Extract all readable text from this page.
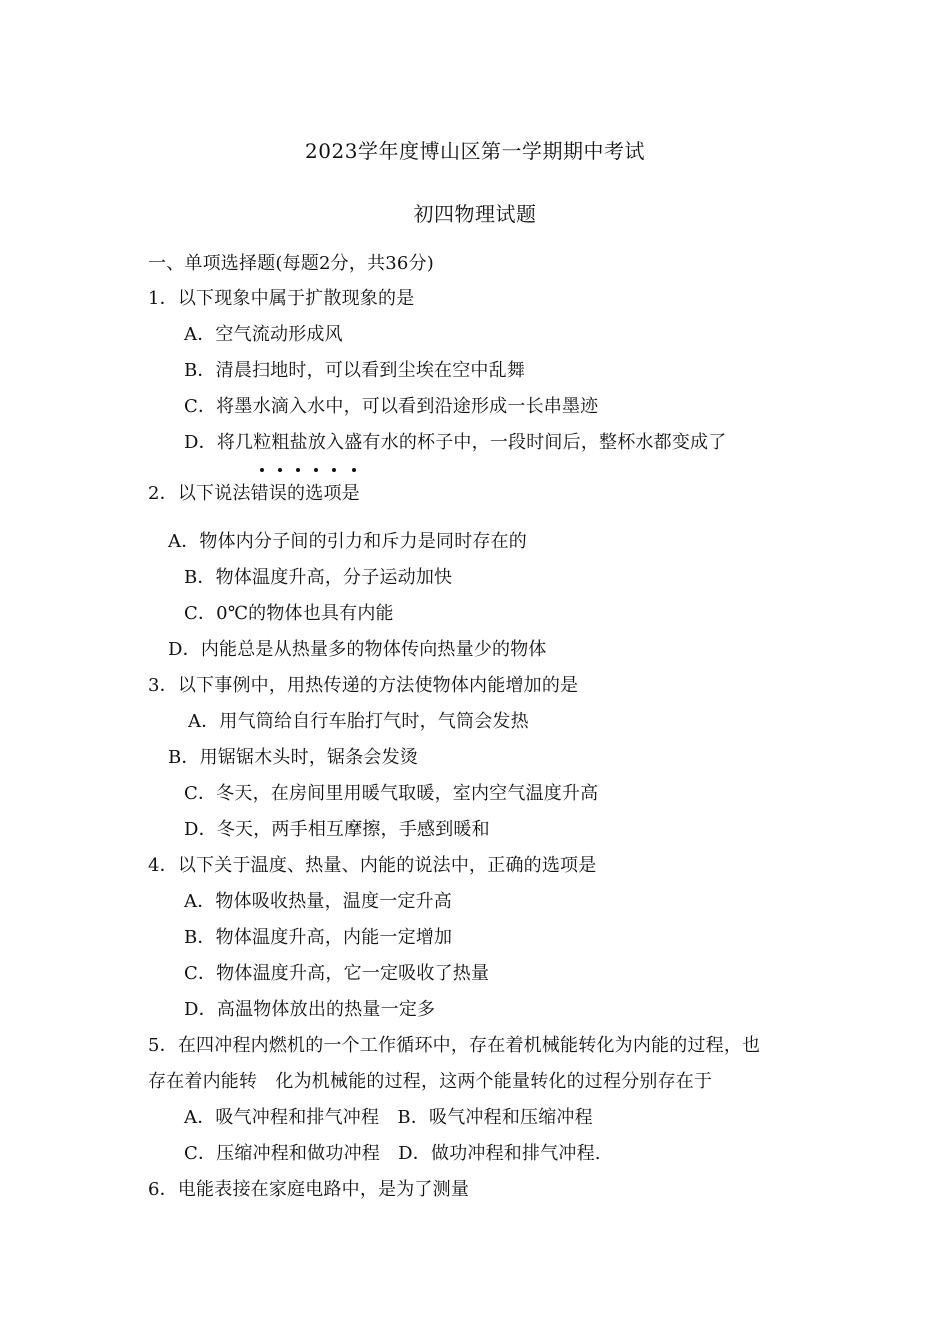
2023学年度博山区第一学期期中考试
初四物理试题
一、单项选择题(每题2分，共36分)
1．以下现象中属于扩散现象的是
A．空气流动形成风
B．清晨扫地时，可以看到尘埃在空中乱舞
C．将墨水滴入水中，可以看到沿途形成一长串墨迹
D．将几粒粗盐放入盛有水的杯子中，一段时间后，整杯水都变成了
2．以下说法错误的选项是
A．物体内分子间的引力和斥力是同时存在的
B．物体温度升高，分子运动加快
C．0℃的物体也具有内能
D．内能总是从热量多的物体传向热量少的物体
3．以下事例中，用热传递的方法使物体内能增加的是
A．用气筒给自行车胎打气时，气筒会发热
B．用锯锯木头时，锯条会发烫
C．冬天，在房间里用暖气取暖，室内空气温度升高
D．冬天，两手相互摩擦，手感到暖和
4．以下关于温度、热量、内能的说法中，正确的选项是
A．物体吸收热量，温度一定升高
B．物体温度升高，内能一定增加
C．物体温度升高，它一定吸收了热量
D．高温物体放出的热量一定多
5．在四冲程内燃机的一个工作循环中，存在着机械能转化为内能的过程，也
存在着内能转　化为机械能的过程，这两个能量转化的过程分别存在于
A．吸气冲程和排气冲程　B．吸气冲程和压缩冲程
C．压缩冲程和做功冲程　D．做功冲程和排气冲程.
6．电能表接在家庭电路中，是为了测量
